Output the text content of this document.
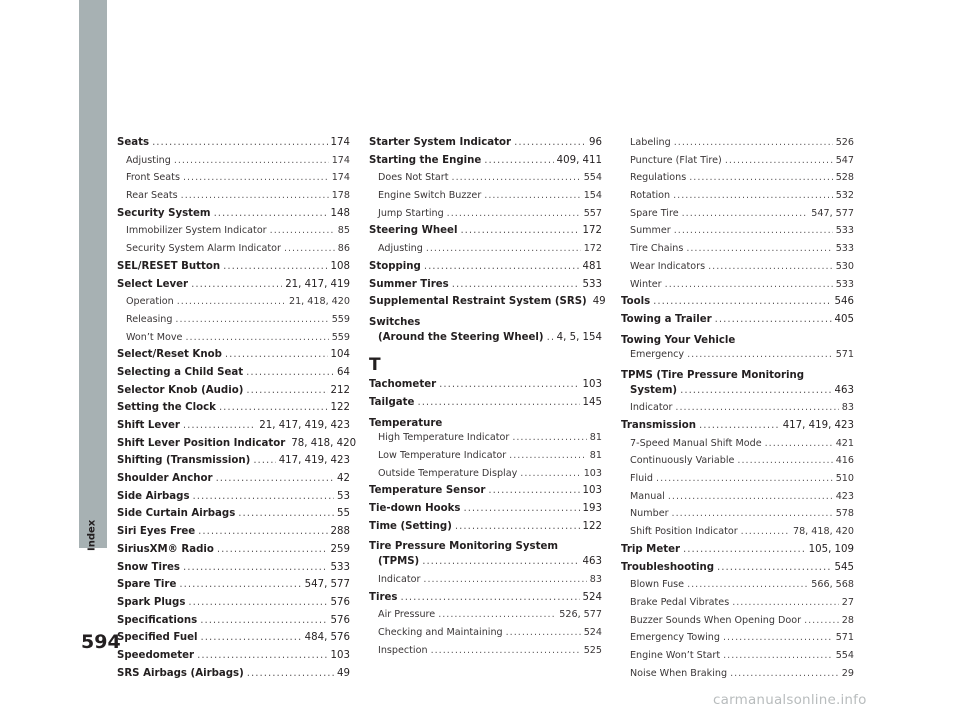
Index
594
Seats .....	174
Adjusting .....	174
Front Seats .....	174
Rear Seats .....	178
Security System .....	148
Immobilizer System Indicator .....	85
Security System Alarm Indicator .....	86
SEL/RESET Button .....	108
Select Lever .....	21, 417, 419
Operation .....	21, 418, 420
Releasing .....	559
Won’t Move .....	559
Select/Reset Knob .....	104
Selecting a Child Seat .....	64
Selector Knob (Audio) .....	212
Setting the Clock .....	122
Shift Lever .....	21, 417, 419, 423
Shift Lever Position Indicator 78, 418, 420
Shifting (Transmission) .....	417, 419, 423
Shoulder Anchor .....	42
Side Airbags .....	53
Side Curtain Airbags .....	55
Siri Eyes Free .....	288
SiriusXM® Radio .....	259
Snow Tires .....	533
Spare Tire .....	547, 577
Spark Plugs .....	576
Specifications .....	576
Specified Fuel .....	484, 576
Speedometer .....	103
SRS Airbags (Airbags) .....	49
Starter System Indicator .....	96
Starting the Engine .....	409, 411
Does Not Start .....	554
Engine Switch Buzzer .....	154
Jump Starting .....	557
Steering Wheel .....	172
Adjusting .....	172
Stopping .....	481
Summer Tires .....	533
Supplemental Restraint System (SRS) 49
Switches
(Around the Steering Wheel) ..... 4, 5, 154
T
Tachometer .....	103
Tailgate .....	145
Temperature
High Temperature Indicator .....	81
Low Temperature Indicator .....	81
Outside Temperature Display .....	103
Temperature Sensor .....	103
Tie-down Hooks .....	193
Time (Setting) .....	122
Tire Pressure Monitoring System
(TPMS) .....	463
Indicator .....	83
Tires .....	524
Air Pressure .....	526, 577
Checking and Maintaining .....	524
Inspection .....	525
Labeling .....	526
Puncture (Flat Tire) .....	547
Regulations .....	528
Rotation .....	532
Spare Tire .....	547, 577
Summer .....	533
Tire Chains .....	533
Wear Indicators .....	530
Winter .....	533
Tools .....	546
Towing a Trailer .....	405
Towing Your Vehicle
Emergency .....	571
TPMS (Tire Pressure Monitoring
System) .....	463
Indicator .....	83
Transmission .....	417, 419, 423
7-Speed Manual Shift Mode .....	421
Continuously Variable .....	416
Fluid .....	510
Manual .....	423
Number .....	578
Shift Position Indicator .....	78, 418, 420
Trip Meter .....	105, 109
Troubleshooting .....	545
Blown Fuse .....	566, 568
Brake Pedal Vibrates .....	27
Buzzer Sounds When Opening Door .....	28
Emergency Towing .....	571
Engine Won’t Start .....	554
Noise When Braking .....	29
carmanualsonline.info
